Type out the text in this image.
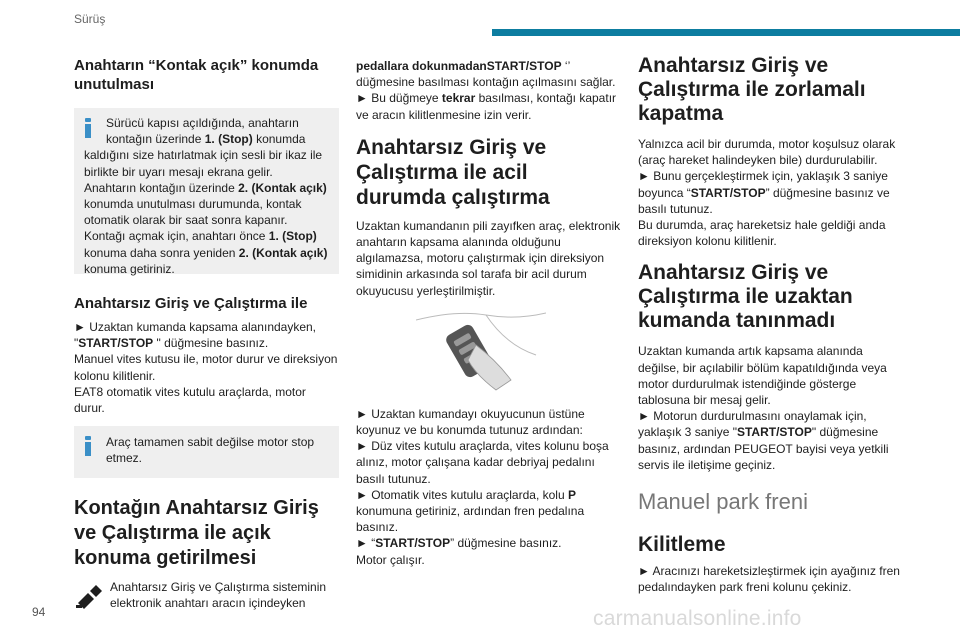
Sürüş
Anahtarın “Kontak açık” konumda unutulması

Sürücü kapısı açıldığında, anahtarın

kontağın üzerinde 1. (Stop) konumda

kaldığını size hatırlatmak için sesli bir ikaz ile birlikte bir uyarı mesajı ekrana gelir.

Anahtarın kontağın üzerinde 2. (Kontak açık) konumda unutulması durumunda, kontak otomatik olarak bir saat sonra kapanır.

Kontağı açmak için, anahtarı önce 1. (Stop) konuma daha sonra yeniden 2. (Kontak açık) konuma getiriniz.

Anahtarsız Giriş ve Çalıştırma ile

► Uzaktan kumanda kapsama alanındayken, "START/STOP " düğmesine basınız.

Manuel vites kutusu ile, motor durur ve direksiyon kolonu kilitlenir.

EAT8 otomatik vites kutulu araçlarda, motor durur.

Araç tamamen sabit değilse motor stop etmez.

Kontağın Anahtarsız Giriş ve Çalıştırma ile açık konuma getirilmesi

Anahtarsız Giriş ve Çalıştırma sisteminin elektronik anahtarı aracın içindeyken

pedallara dokunmadanSTART/STOP ‘’

düğmesine basılması kontağın açılmasını sağlar.

► Bu düğmeye tekrar basılması, kontağı kapatır ve aracın kilitlenmesine izin verir.

Anahtarsız Giriş ve Çalıştırma ile acil durumda çalıştırma

Uzaktan kumandanın pili zayıfken araç, elektronik anahtarın kapsama alanında olduğunu algılamazsa, motoru çalıştırmak için direksiyon simidinin arkasında sol tarafa bir acil durum okuyucusu yerleştirilmiştir.

► Uzaktan kumandayı okuyucunun üstüne koyunuz ve bu konumda tutunuz ardından:

► Düz vites kutulu araçlarda, vites kolunu boşa alınız, motor çalışana kadar debriyaj pedalını basılı tutunuz.

► Otomatik vites kutulu araçlarda, kolu P konumuna getiriniz, ardından fren pedalına basınız.

► “START/STOP” düğmesine basınız.

Motor çalışır.

Anahtarsız Giriş ve Çalıştırma ile zorlamalı kapatma

Yalnızca acil bir durumda, motor koşulsuz olarak (araç hareket halindeyken bile) durdurulabilir.

► Bunu gerçekleştirmek için, yaklaşık 3 saniye boyunca “START/STOP” düğmesine basınız ve basılı tutunuz.

Bu durumda, araç hareketsiz hale geldiği anda direksiyon kolonu kilitlenir.

Anahtarsız Giriş ve Çalıştırma ile uzaktan kumanda tanınmadı

Uzaktan kumanda artık kapsama alanında değilse, bir açılabilir bölüm kapatıldığında veya motor durdurulmak istendiğinde gösterge tablosuna bir mesaj gelir.

► Motorun durdurulmasını onaylamak için, yaklaşık 3 saniye "START/STOP" düğmesine basınız, ardından PEUGEOT bayisi veya yetkili servis ile iletişime geçiniz.

Manuel park freni
Kilitleme

► Aracınızı hareketsizleştirmek için ayağınız fren pedalındayken park freni kolunu çekiniz.

94	carmanualsonline.info
